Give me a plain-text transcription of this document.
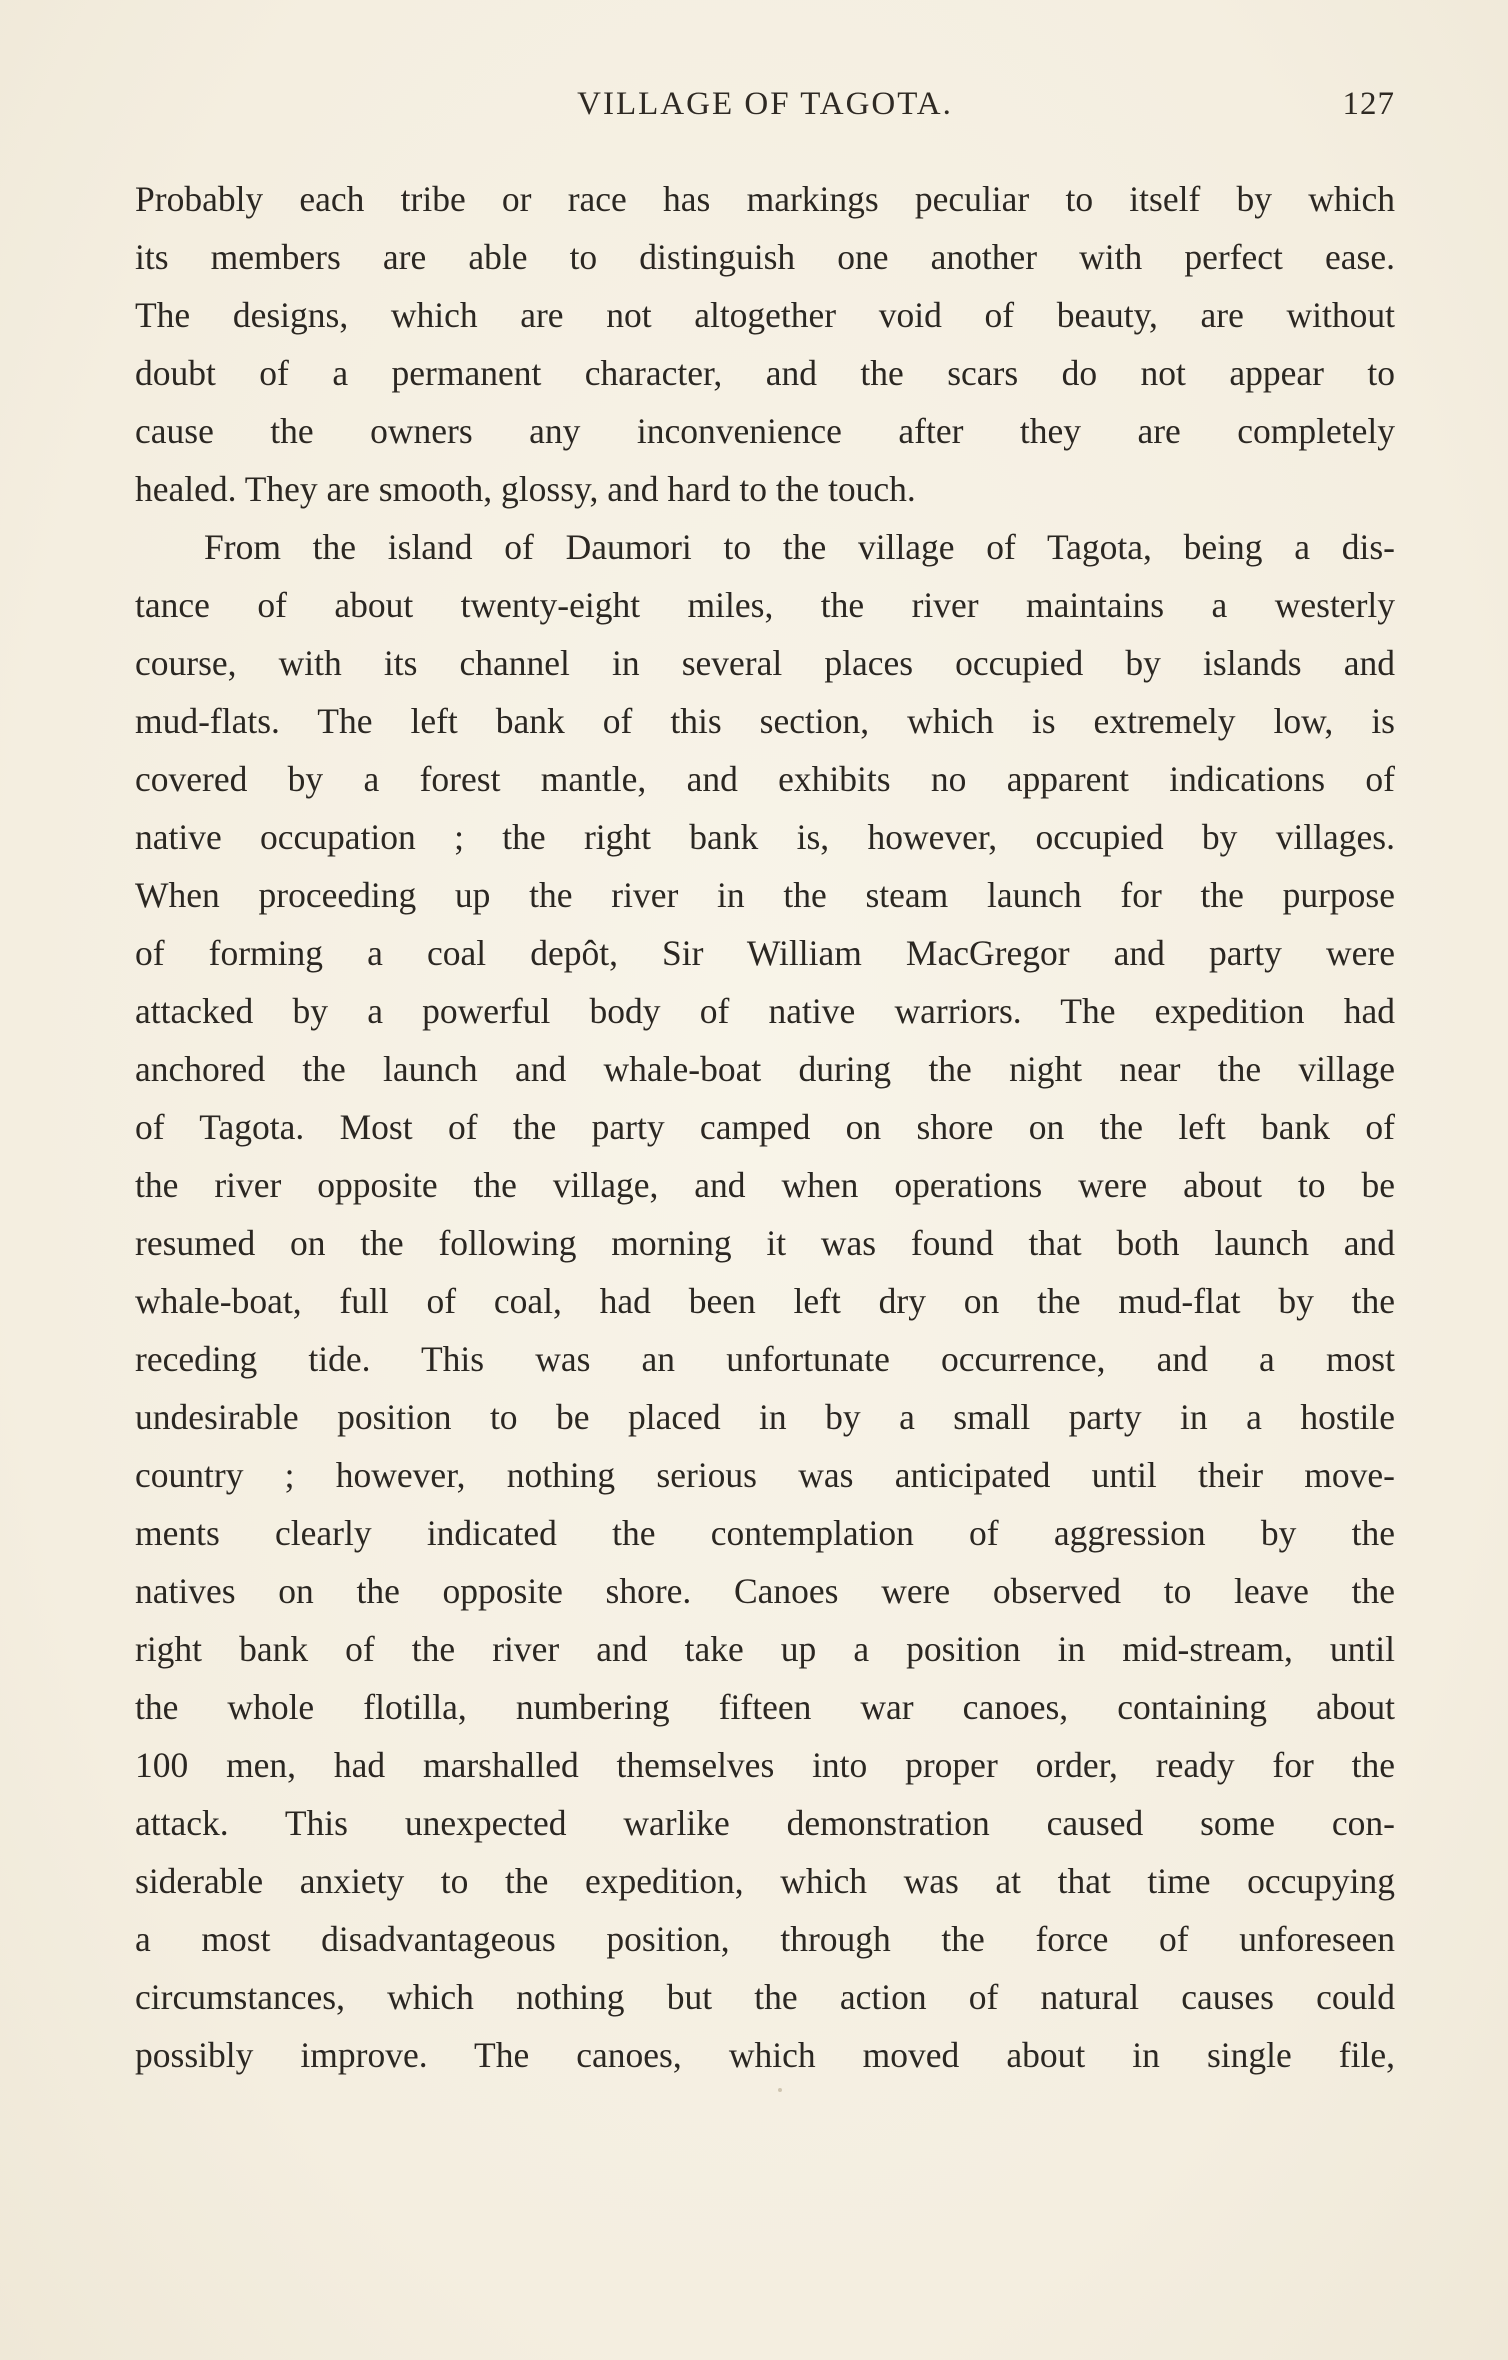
VILLAGE OF TAGOTA.	127
Probably each tribe or race has markings peculiar to itself by which
its members are able to distinguish one another with perfect ease.
The designs, which are not altogether void of beauty, are without
doubt of a permanent character, and the scars do not appear to
cause the owners any inconvenience after they are completely
healed. They are smooth, glossy, and hard to the touch.
From the island of Daumori to the village of Tagota, being a dis-
tance of about twenty-eight miles, the river maintains a westerly
course, with its channel in several places occupied by islands and
mud-flats. The left bank of this section, which is extremely low, is
covered by a forest mantle, and exhibits no apparent indications of
native occupation ; the right bank is, however, occupied by villages.
When proceeding up the river in the steam launch for the purpose
of forming a coal depôt, Sir William MacGregor and party were
attacked by a powerful body of native warriors. The expedition had
anchored the launch and whale-boat during the night near the village
of Tagota. Most of the party camped on shore on the left bank of
the river opposite the village, and when operations were about to be
resumed on the following morning it was found that both launch and
whale-boat, full of coal, had been left dry on the mud-flat by the
receding tide. This was an unfortunate occurrence, and a most
undesirable position to be placed in by a small party in a hostile
country ; however, nothing serious was anticipated until their move-
ments clearly indicated the contemplation of aggression by the
natives on the opposite shore. Canoes were observed to leave the
right bank of the river and take up a position in mid-stream, until
the whole flotilla, numbering fifteen war canoes, containing about
100 men, had marshalled themselves into proper order, ready for the
attack. This unexpected warlike demonstration caused some con-
siderable anxiety to the expedition, which was at that time occupying
a most disadvantageous position, through the force of unforeseen
circumstances, which nothing but the action of natural causes could
possibly improve. The canoes, which moved about in single file,
